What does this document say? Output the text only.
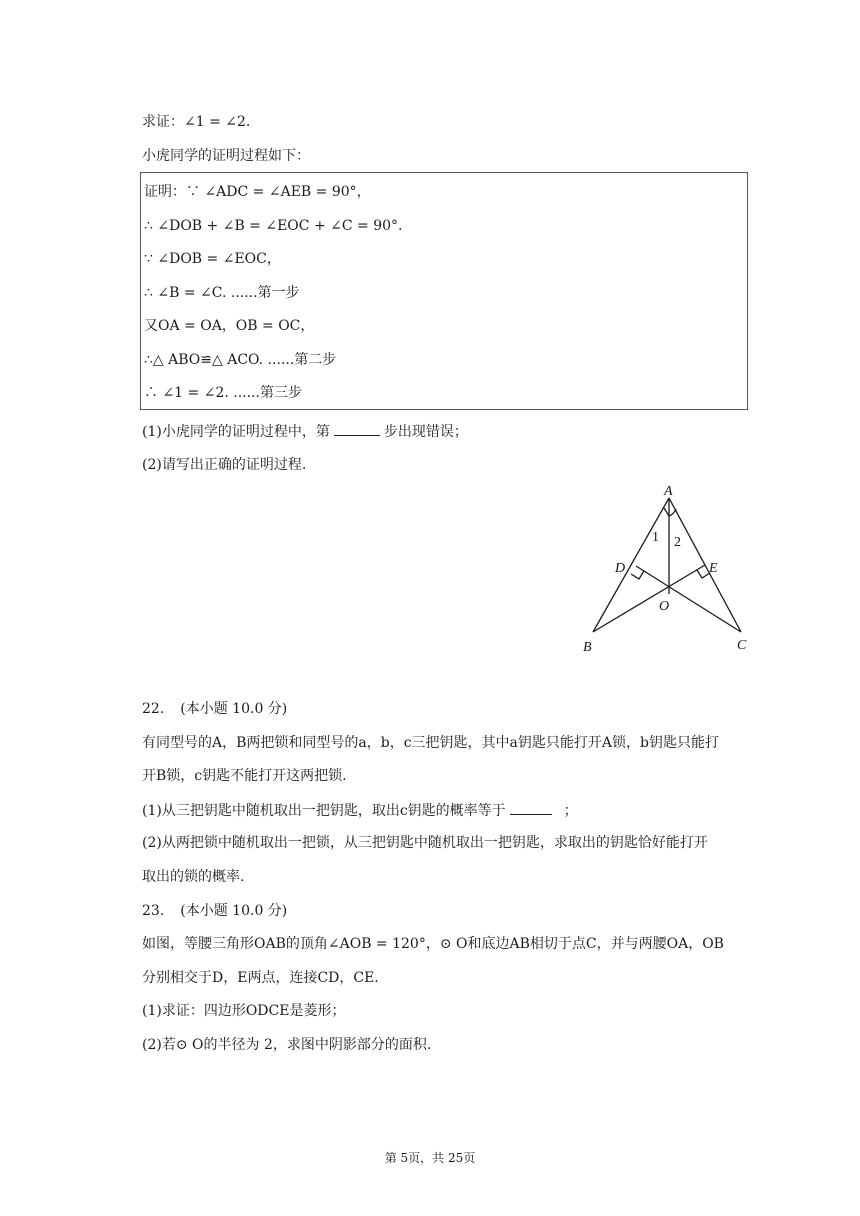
求证：∠1 = ∠2.
小虎同学的证明过程如下：
证明：∵ ∠ADC = ∠AEB = 90°，
∴ ∠DOB + ∠B = ∠EOC + ∠C = 90°.
∵ ∠DOB = ∠EOC，
∴ ∠B = ∠C. ......第一步
又OA = OA，OB = OC，
∴△ ABO≌△ ACO. ......第二步
∴ ∠1 = ∠2. ......第三步
(1)小虎同学的证明过程中，第	步出现错误；
(2)请写出正确的证明过程.
A
B	C
D	E
O
1 2
22. (本小题 10.0 分)
有同型号的A，B两把锁和同型号的a，b，c三把钥匙，其中a钥匙只能打开A锁，b钥匙只能打
开B锁，c钥匙不能打开这两把锁.
(1)从三把钥匙中随机取出一把钥匙，取出c钥匙的概率等于	；
(2)从两把锁中随机取出一把锁，从三把钥匙中随机取出一把钥匙，求取出的钥匙恰好能打开
取出的锁的概率.
23. (本小题 10.0 分)
如图，等腰三角形OAB的顶角∠AOB = 120°，⊙ O和底边AB相切于点C，并与两腰OA，OB
分别相交于D，E两点，连接CD，CE.
(1)求证：四边形ODCE是菱形；
(2)若⊙ O的半径为 2，求图中阴影部分的面积.
第 5页，共 25页
